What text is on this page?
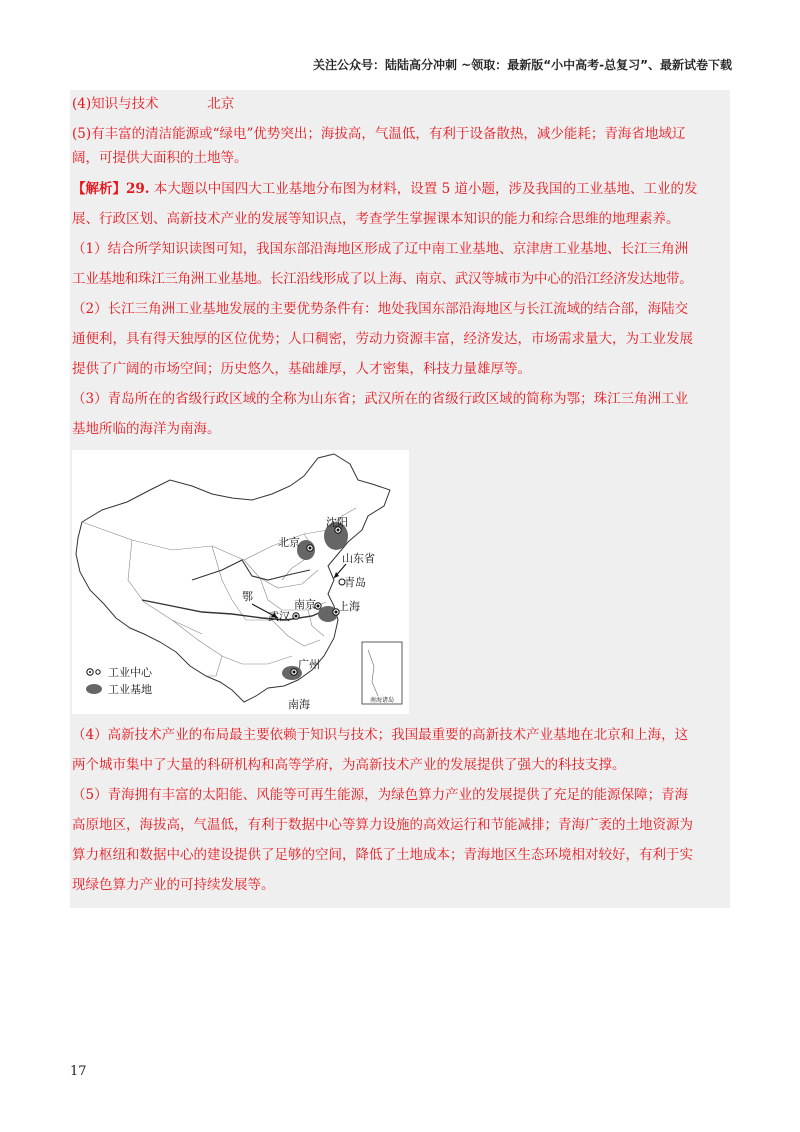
关注公众号：陆陆高分冲刺 ~领取：最新版“小中高考-总复习”、最新试卷下载
(4)知识与技术	北京
(5)有丰富的清洁能源或“绿电”优势突出；海拔高，气温低，有利于设备散热，减少能耗；青海省地域辽
阔，可提供大面积的土地等。
【解析】29. 本大题以中国四大工业基地分布图为材料，设置 5 道小题，涉及我国的工业基地、工业的发
展、行政区划、高新技术产业的发展等知识点，考查学生掌握课本知识的能力和综合思维的地理素养。
（1）结合所学知识读图可知，我国东部沿海地区形成了辽中南工业基地、京津唐工业基地、长江三角洲
工业基地和珠江三角洲工业基地。长江沿线形成了以上海、南京、武汉等城市为中心的沿江经济发达地带。
（2）长江三角洲工业基地发展的主要优势条件有：地处我国东部沿海地区与长江流域的结合部，海陆交
通便利，具有得天独厚的区位优势；人口稠密，劳动力资源丰富，经济发达，市场需求量大，为工业发展
提供了广阔的市场空间；历史悠久，基础雄厚，人才密集，科技力量雄厚等。
（3）青岛所在的省级行政区域的全称为山东省；武汉所在的省级行政区域的简称为鄂；珠江三角洲工业
基地所临的海洋为南海。
沈阳
北京
山东省
青岛
鄂
南京 上海
武汉
广州
南海	南海诸岛
工业中心
工业基地
（4）高新技术产业的布局最主要依赖于知识与技术；我国最重要的高新技术产业基地在北京和上海，这
两个城市集中了大量的科研机构和高等学府，为高新技术产业的发展提供了强大的科技支撑。
（5）青海拥有丰富的太阳能、风能等可再生能源，为绿色算力产业的发展提供了充足的能源保障；青海
高原地区，海拔高，气温低，有利于数据中心等算力设施的高效运行和节能减排；青海广袤的土地资源为
算力枢纽和数据中心的建设提供了足够的空间，降低了土地成本；青海地区生态环境相对较好，有利于实
现绿色算力产业的可持续发展等。
17
